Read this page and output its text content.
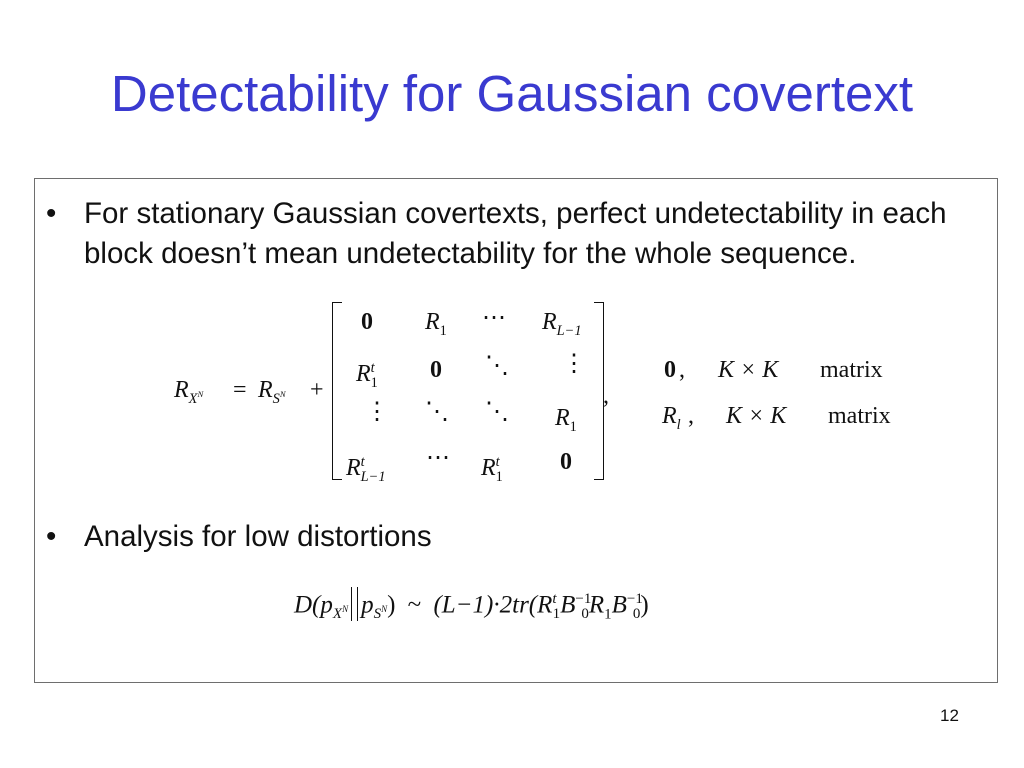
Detectability for Gaussian covertext
• For stationary Gaussian covertexts, perfect undetectability in each block doesn’t mean undetectability for the whole sequence.
$R_{X^N} = R_{S^N}$ +
0 $R_1$ ⋯ $R_{L-1}$
$R^t_1$ 0 ⋱ ⋮
⋮ ⋱ ⋱ $R_1$
$R^t_{L-1}$
⋯ $R^t_1$
0
,
0 , K × K matrix
$R_l$ , K × K matrix
• Analysis for low distortions
$D(p_{X^N}$ $p_{S^N}$) ~ $(L-1)\cdot 2tr(R^t_1B^{-1}_0R_1B^{-1}_0)$
12
